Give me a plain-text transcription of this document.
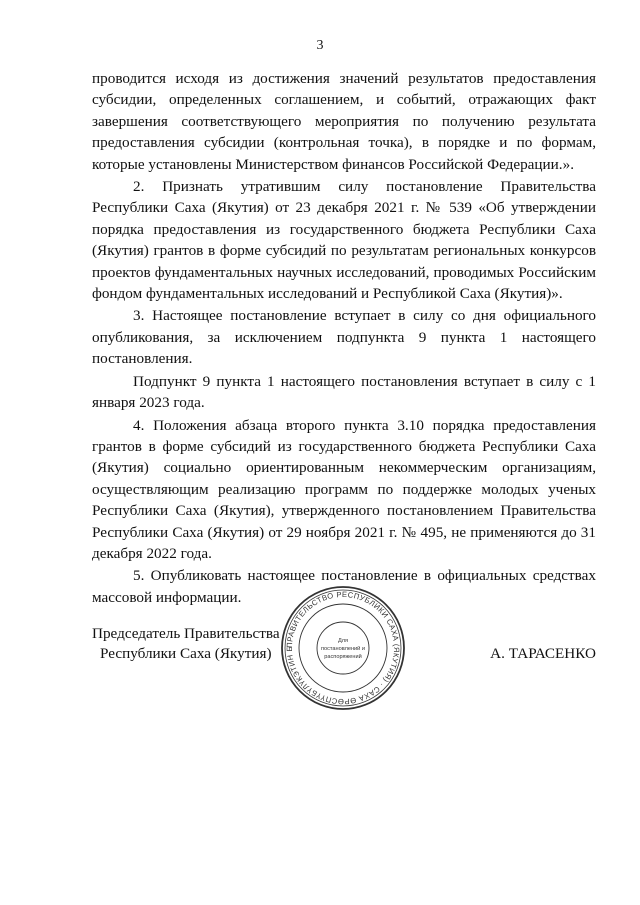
3

проводится исходя из достижения значений результатов предоставления субсидии, определенных соглашением, и событий, отражающих факт завершения соответствующего мероприятия по получению результата предоставления субсидии (контрольная точка), в порядке и по формам, которые установлены Министерством финансов Российской Федерации.».

2. Признать утратившим силу постановление Правительства Республики Саха (Якутия) от 23 декабря 2021 г. № 539 «Об утверждении порядка предоставления из государственного бюджета Республики Саха (Якутия) грантов в форме субсидий по результатам региональных конкурсов проектов фундаментальных научных исследований, проводимых Российским фондом фундаментальных исследований и Республикой Саха (Якутия)».

3. Настоящее постановление вступает в силу со дня официального опубликования, за исключением подпункта 9 пункта 1 настоящего постановления.

Подпункт 9 пункта 1 настоящего постановления вступает в силу с 1 января 2023 года.

4. Положения абзаца второго пункта 3.10 порядка предоставления грантов в форме субсидий из государственного бюджета Республики Саха (Якутия) социально ориентированным некоммерческим организациям, осуществляющим реализацию программ по поддержке молодых ученых Республики Саха (Якутия), утвержденного постановлением Правительства Республики Саха (Якутия) от 29 ноября 2021 г. № 495, не применяются до 31 декабря 2022 года.

5. Опубликовать настоящее постановление в официальных средствах массовой информации.

Председатель Правительства
Республики Саха (Якутия)
ПРАВИТЕЛЬСТВО РЕСПУБЛИКИ САХА (ЯКУТИЯ) · САХА ӨРӨСПҮҮБҮЛҮКЭТИН Б
Для
постановлений и
распоряжений	А. ТАРАСЕНКО
